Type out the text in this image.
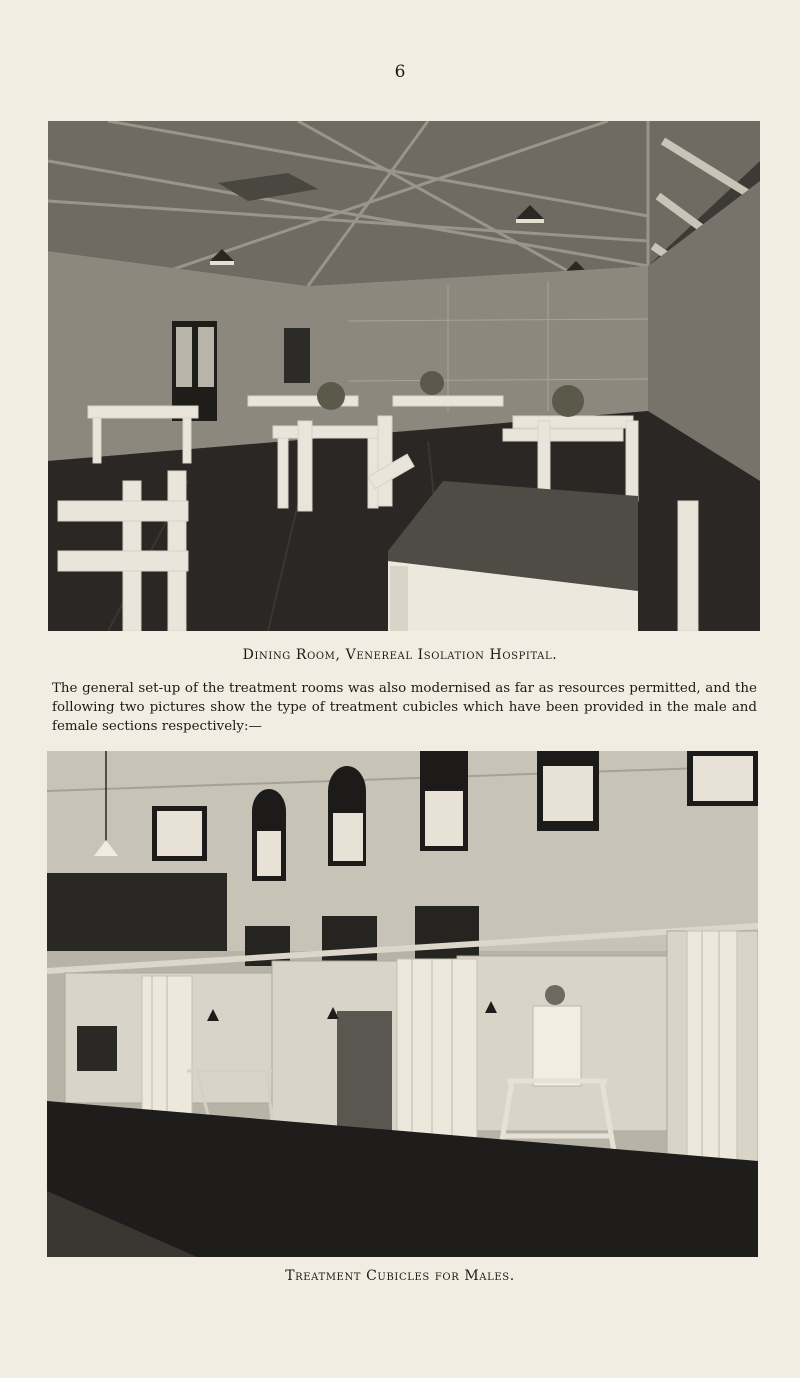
6
Dining Room, Venereal Isolation Hospital.

The general set-up of the treatment rooms was also modernised as far as resources permitted, and the following two pictures show the type of treatment cubicles which have been provided in the male and female sections respectively:—

Treatment Cubicles for Males.
